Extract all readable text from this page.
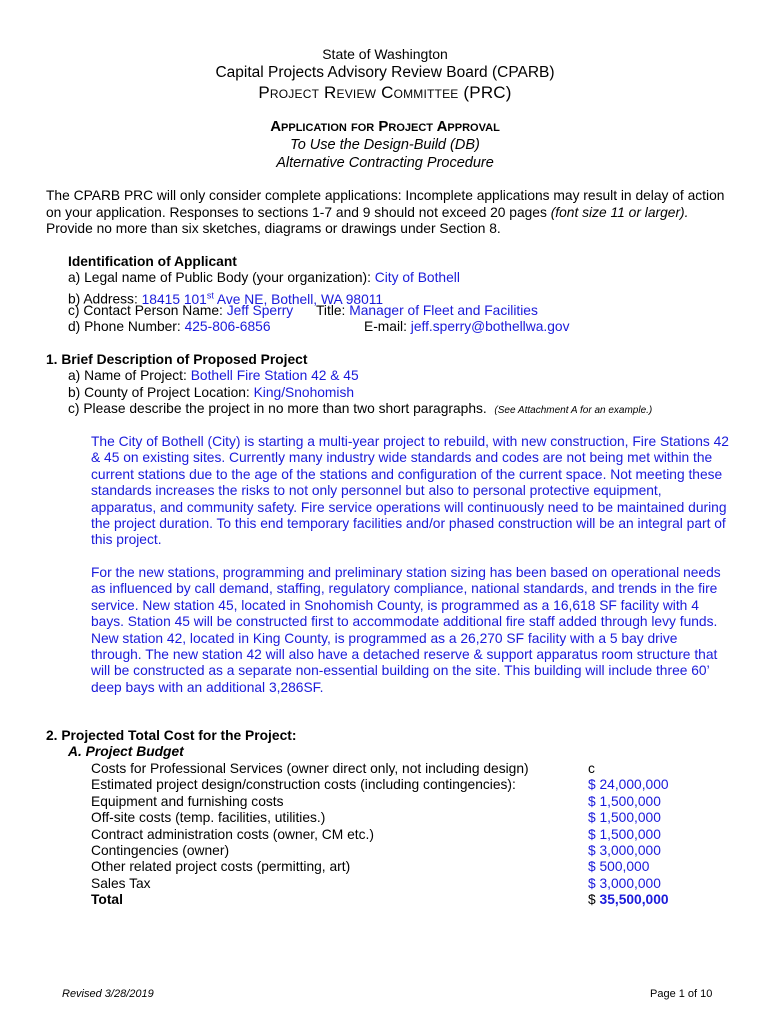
State of Washington
Capital Projects Advisory Review Board (CPARB)
Project Review Committee (PRC)
Application for Project Approval
To Use the Design-Build (DB)
Alternative Contracting Procedure
The CPARB PRC will only consider complete applications: Incomplete applications may result in delay of action on your application. Responses to sections 1-7 and 9 should not exceed 20 pages (font size 11 or larger). Provide no more than six sketches, diagrams or drawings under Section 8.
Identification of Applicant
a) Legal name of Public Body (your organization): City of Bothell
b) Address: 18415 101st Ave NE, Bothell, WA 98011
c) Contact Person Name: Jeff Sperry Title: Manager of Fleet and Facilities
d) Phone Number: 425-806-6856	E-mail: jeff.sperry@bothellwa.gov
1. Brief Description of Proposed Project
a) Name of Project: Bothell Fire Station 42 & 45
b) County of Project Location: King/Snohomish
c) Please describe the project in no more than two short paragraphs. (See Attachment A for an example.)
The City of Bothell (City) is starting a multi-year project to rebuild, with new construction, Fire Stations 42 & 45 on existing sites. Currently many industry wide standards and codes are not being met within the current stations due to the age of the stations and configuration of the current space. Not meeting these standards increases the risks to not only personnel but also to personal protective equipment, apparatus, and community safety. Fire service operations will continuously need to be maintained during the project duration. To this end temporary facilities and/or phased construction will be an integral part of this project.
For the new stations, programming and preliminary station sizing has been based on operational needs as influenced by call demand, staffing, regulatory compliance, national standards, and trends in the fire service. New station 45, located in Snohomish County, is programmed as a 16,618 SF facility with 4 bays. Station 45 will be constructed first to accommodate additional fire staff added through levy funds. New station 42, located in King County, is programmed as a 26,270 SF facility with a 5 bay drive through. The new station 42 will also have a detached reserve & support apparatus room structure that will be constructed as a separate non-essential building on the site. This building will include three 60’ deep bays with an additional 3,286SF.
2. Projected Total Cost for the Project:
A. Project Budget
Costs for Professional Services (owner direct only, not including design)	c
Estimated project design/construction costs (including contingencies):	$ 24,000,000
Equipment and furnishing costs	$ 1,500,000
Off-site costs (temp. facilities, utilities.)	$ 1,500,000
Contract administration costs (owner, CM etc.)	$ 1,500,000
Contingencies (owner)	$ 3,000,000
Other related project costs (permitting, art)	$ 500,000
Sales Tax	$ 3,000,000
Total	$ 35,500,000
Revised 3/28/2019	Page 1 of 10
